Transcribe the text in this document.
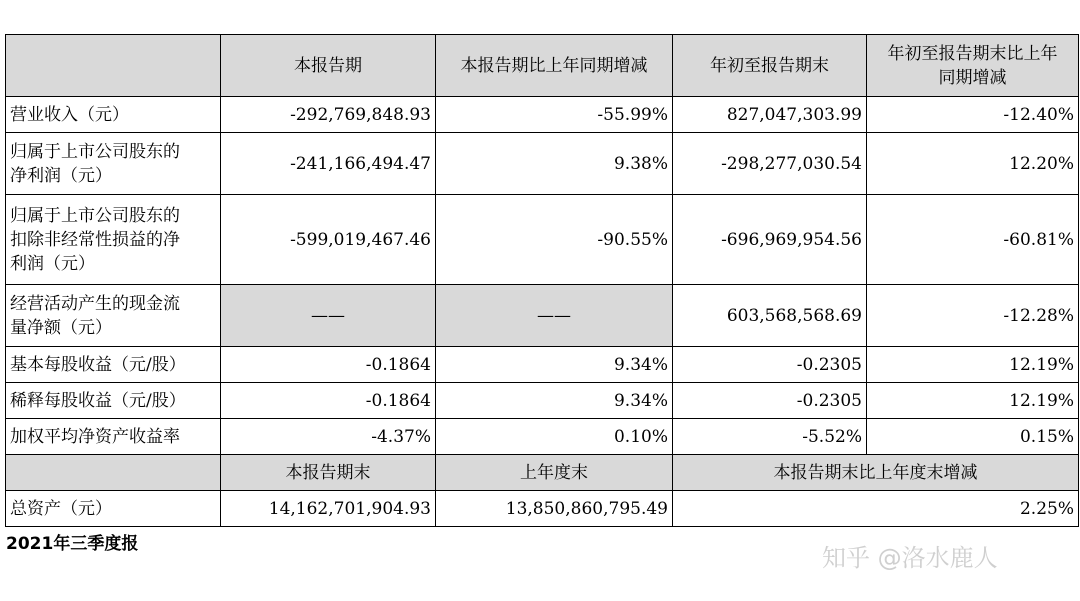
	本报告期	本报告期比上年同期增减	年初至报告期末	年初至报告期末比上年
同期增减

营业收入（元）	-292,769,848.93	-55.99%	827,047,303.99	-12.40%

归属于上市公司股东的
净利润（元）	-241,166,494.47	9.38%	-298,277,030.54	12.20%

归属于上市公司股东的
扣除非经常性损益的净
利润（元）	-599,019,467.46	-90.55%	-696,969,954.56	-60.81%

经营活动产生的现金流
量净额（元）	——	——	603,568,568.69	-12.28%

基本每股收益（元/股）	-0.1864	9.34%	-0.2305	12.19%

稀释每股收益（元/股）	-0.1864	9.34%	-0.2305	12.19%

加权平均净资产收益率	-4.37%	0.10%	-5.52%	0.15%
	本报告期末	上年度末	本报告期末比上年度末增减	
总资产（元）	14,162,701,904.93	13,850,860,795.49	2.25%	
2021年三季度报	知乎 @洛水鹿人
